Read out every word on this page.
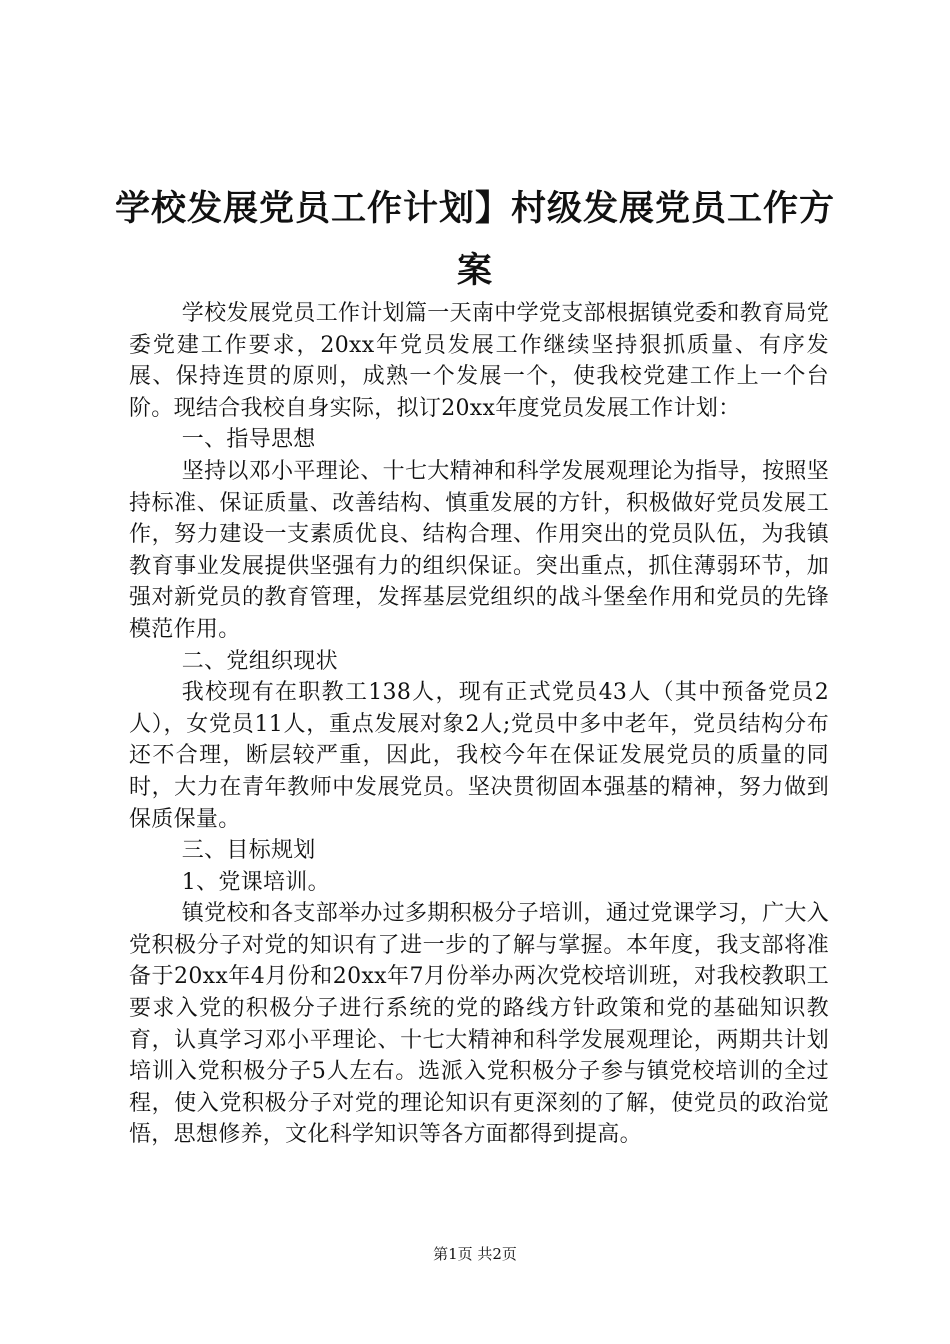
学校发展党员工作计划】村级发展党员工作方案

学校发展党员工作计划篇一天南中学党支部根据镇党委和教育局党委党建工作要求，20xx年党员发展工作继续坚持狠抓质量、有序发展、保持连贯的原则，成熟一个发展一个，使我校党建工作上一个台阶。现结合我校自身实际，拟订20xx年度党员发展工作计划：

一、指导思想

坚持以邓小平理论、十七大精神和科学发展观理论为指导，按照坚持标准、保证质量、改善结构、慎重发展的方针，积极做好党员发展工作，努力建设一支素质优良、结构合理、作用突出的党员队伍，为我镇教育事业发展提供坚强有力的组织保证。突出重点，抓住薄弱环节，加强对新党员的教育管理，发挥基层党组织的战斗堡垒作用和党员的先锋模范作用。

二、党组织现状

我校现有在职教工138人，现有正式党员43人（其中预备党员2人），女党员11人，重点发展对象2人;党员中多中老年，党员结构分布还不合理，断层较严重，因此，我校今年在保证发展党员的质量的同时，大力在青年教师中发展党员。坚决贯彻固本强基的精神，努力做到保质保量。

三、目标规划

1、党课培训。

镇党校和各支部举办过多期积极分子培训，通过党课学习，广大入党积极分子对党的知识有了进一步的了解与掌握。本年度，我支部将准备于20xx年4月份和20xx年7月份举办两次党校培训班，对我校教职工要求入党的积极分子进行系统的党的路线方针政策和党的基础知识教育，认真学习邓小平理论、十七大精神和科学发展观理论，两期共计划培训入党积极分子5人左右。选派入党积极分子参与镇党校培训的全过程，使入党积极分子对党的理论知识有更深刻的了解，使党员的政治觉悟，思想修养，文化科学知识等各方面都得到提高。

第1页 共2页
